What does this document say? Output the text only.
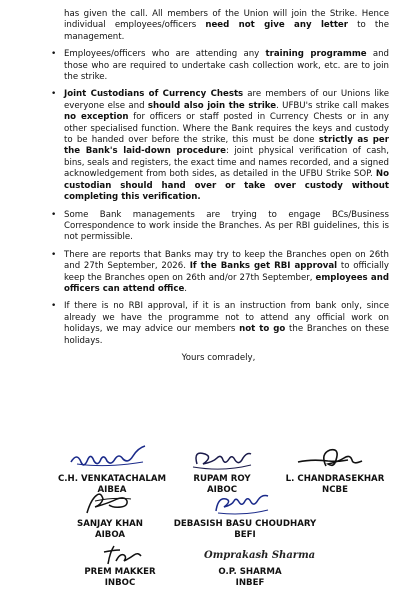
has given the call. All members of the Union will join the Strike. Hence individual employees/officers need not give any letter to the management.

• Employees/officers who are attending any training programme and those who are required to undertake cash collection work, etc. are to join the strike.
• Joint Custodians of Currency Chests are members of our Unions like everyone else and should also join the strike. UFBU's strike call makes no exception for officers or staff posted in Currency Chests or in any other specialised function. Where the Bank requires the keys and custody to be handed over before the strike, this must be done strictly as per the Bank's laid-down procedure: joint physical verification of cash, bins, seals and registers, the exact time and names recorded, and a signed acknowledgement from both sides, as detailed in the UFBU Strike SOP. No custodian should hand over or take over custody without completing this verification.
• Some Bank managements are trying to engage BCs/Business Correspondence to work inside the Branches. As per RBI guidelines, this is not permissible.
• There are reports that Banks may try to keep the Branches open on 26th and 27th September, 2026. If the Banks get RBI approval to officially keep the Branches open on 26th and/or 27th September, employees and officers can attend office.
• If there is no RBI approval, if it is an instruction from bank only, since already we have the programme not to attend any official work on holidays, we may advice our members not to go the Branches on these holidays.
Yours comradely,
C.H. VENKATACHALAM
AIBEA
RUPAM ROY
AIBOC
L. CHANDRASEKHAR
NCBE
SANJAY KHAN
AIBOA
DEBASISH BASU CHOUDHARY
BEFI
PREM MAKKER
INBOC
Omprakash Sharma
O.P. SHARMA
INBEF
